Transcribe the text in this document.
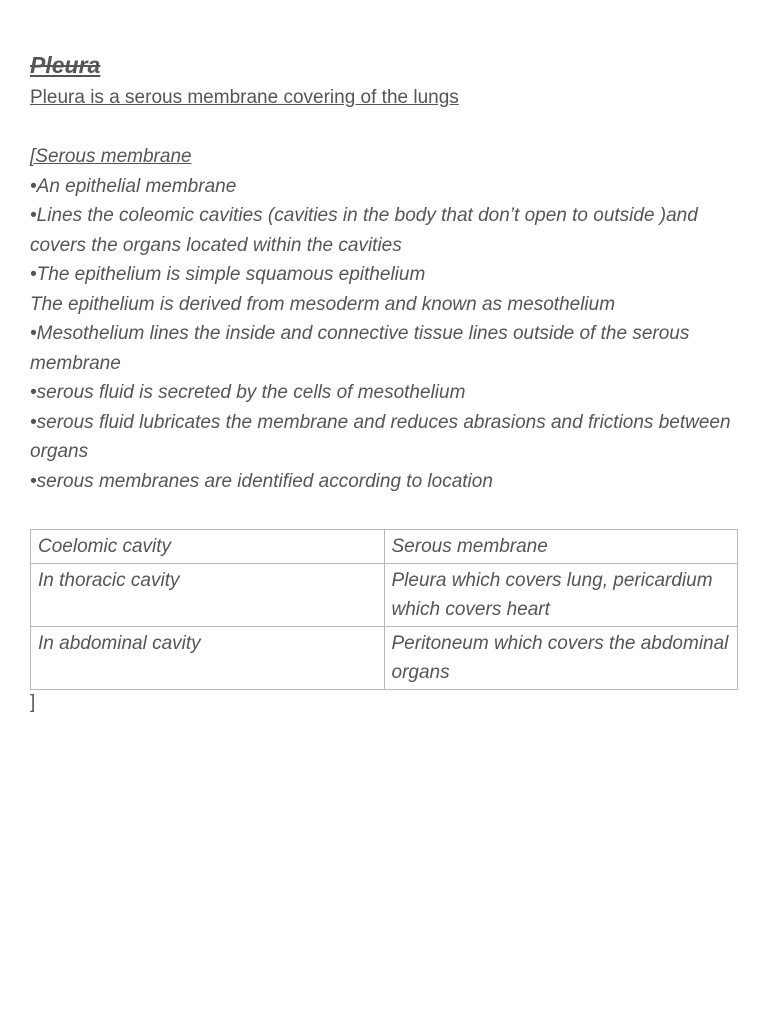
Pleura

Pleura is a serous membrane covering of the lungs

[Serous membrane

•An epithelial membrane

•Lines the coleomic cavities (cavities in the body that don’t open to outside )and covers the organs located within the cavities

•The epithelium is simple squamous epithelium

The epithelium is derived from mesoderm and known as mesothelium

•Mesothelium lines the inside and connective tissue lines outside of the serous membrane

•serous fluid is secreted by the cells of mesothelium

•serous fluid lubricates the membrane and reduces abrasions and frictions between organs

•serous membranes are identified according to location

Coelomic cavity	Serous membrane
In thoracic cavity	Pleura which covers lung, pericardium which covers heart
In abdominal cavity	Peritoneum which covers the abdominal organs

]
